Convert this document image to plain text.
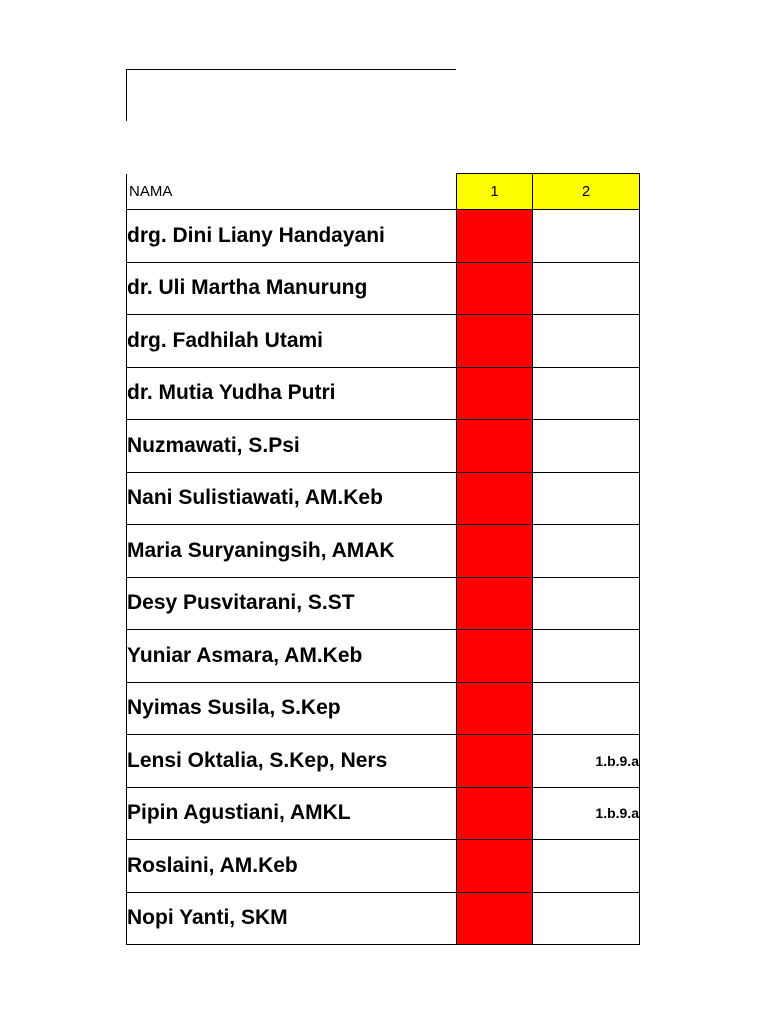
NAMA	1	2
drg. Dini Liany Handayani		
dr. Uli Martha Manurung		
drg. Fadhilah Utami		
dr. Mutia Yudha Putri		
Nuzmawati, S.Psi		
Nani Sulistiawati, AM.Keb		
Maria Suryaningsih, AMAK		
Desy Pusvitarani, S.ST		
Yuniar Asmara, AM.Keb		
Nyimas Susila, S.Kep		
Lensi Oktalia, S.Kep, Ners		1.b.9.a
Pipin Agustiani, AMKL		1.b.9.a
Roslaini, AM.Keb		
Nopi Yanti, SKM		
